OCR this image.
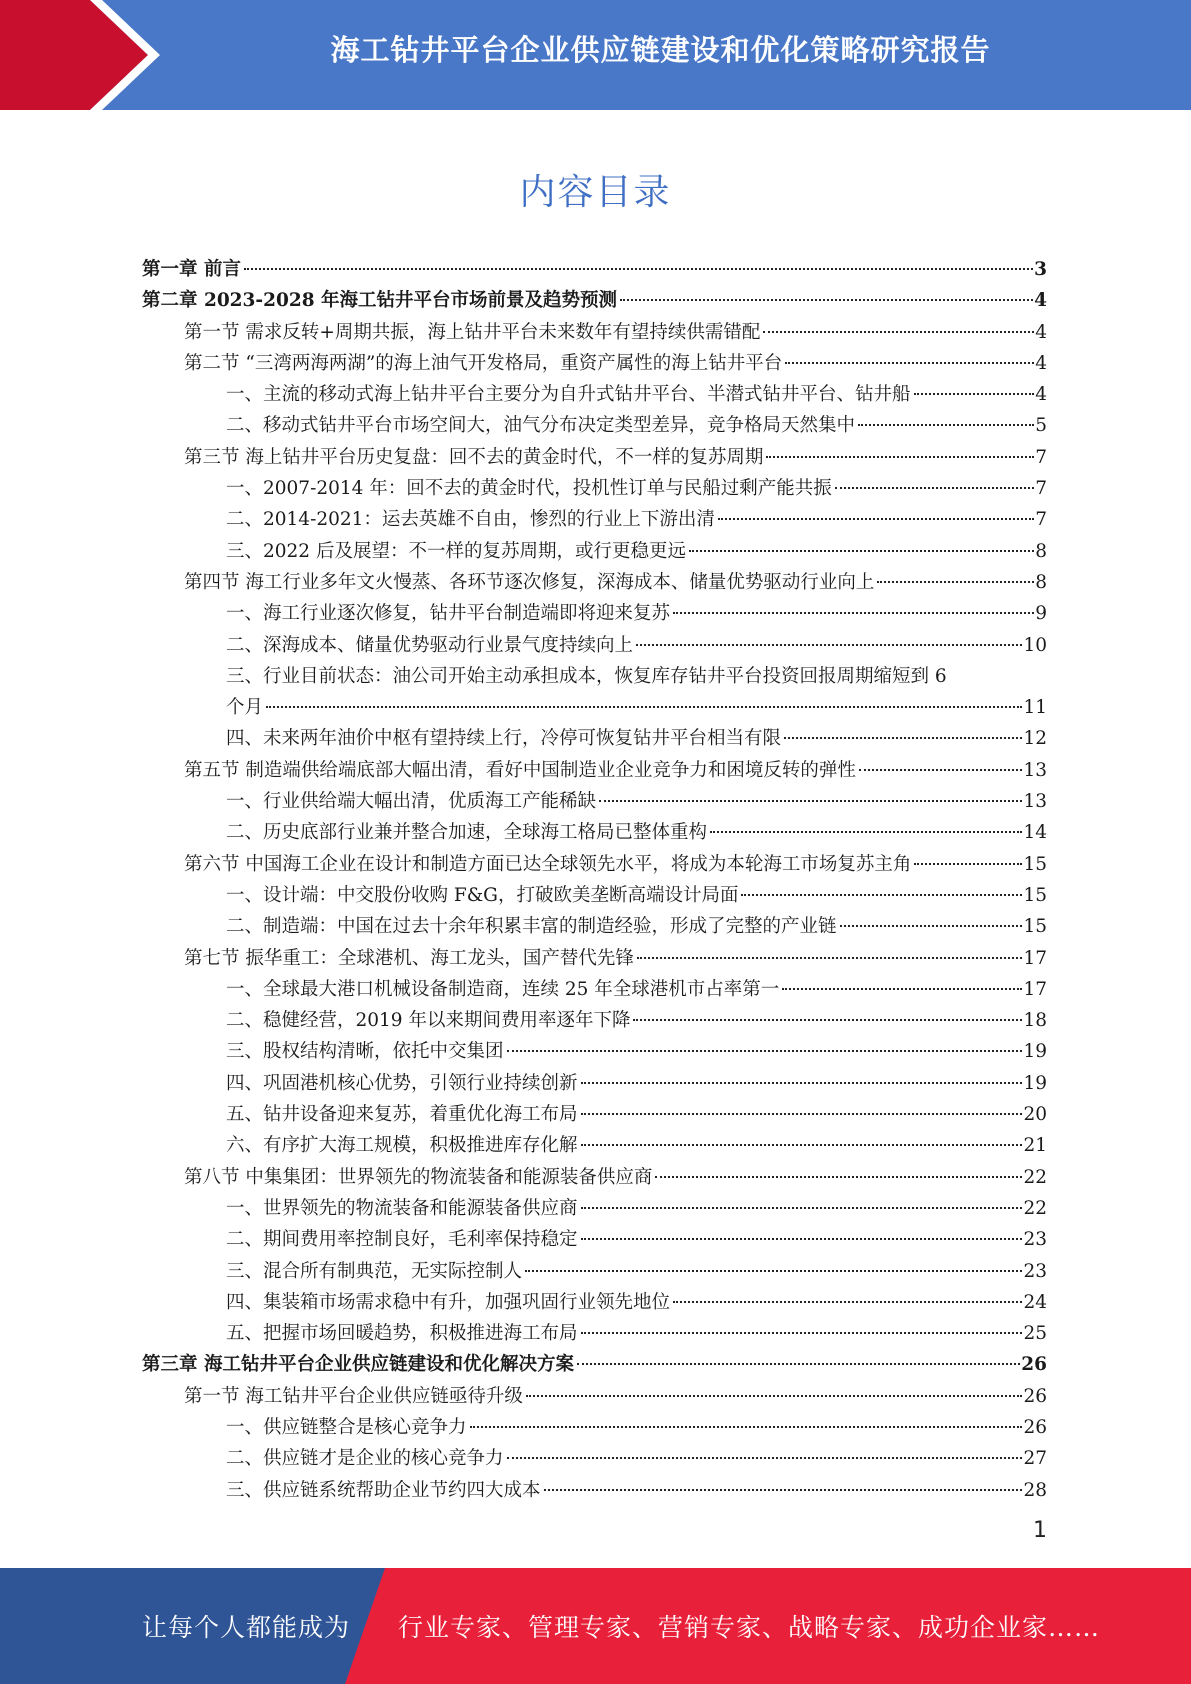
海工钻井平台企业供应链建设和优化策略研究报告
内容目录
第一章 前言	3
第二章 2023-2028 年海工钻井平台市场前景及趋势预测	4
第一节 需求反转+周期共振，海上钻井平台未来数年有望持续供需错配	4
第二节 “三湾两海两湖”的海上油气开发格局，重资产属性的海上钻井平台	4
一、主流的移动式海上钻井平台主要分为自升式钻井平台、半潜式钻井平台、钻井船	4
二、移动式钻井平台市场空间大，油气分布决定类型差异，竞争格局天然集中	5
第三节 海上钻井平台历史复盘：回不去的黄金时代，不一样的复苏周期	7
一、2007-2014 年：回不去的黄金时代，投机性订单与民船过剩产能共振	7
二、2014-2021：运去英雄不自由，惨烈的行业上下游出清	7
三、2022 后及展望：不一样的复苏周期，或行更稳更远	8
第四节 海工行业多年文火慢蒸、各环节逐次修复，深海成本、储量优势驱动行业向上	8
一、海工行业逐次修复，钻井平台制造端即将迎来复苏	9
二、深海成本、储量优势驱动行业景气度持续向上	10
三、行业目前状态：油公司开始主动承担成本，恢复库存钻井平台投资回报周期缩短到 6
个月	11
四、未来两年油价中枢有望持续上行，冷停可恢复钻井平台相当有限	12
第五节 制造端供给端底部大幅出清，看好中国制造业企业竞争力和困境反转的弹性	13
一、行业供给端大幅出清，优质海工产能稀缺	13
二、历史底部行业兼并整合加速，全球海工格局已整体重构	14
第六节 中国海工企业在设计和制造方面已达全球领先水平，将成为本轮海工市场复苏主角	15
一、设计端：中交股份收购 F&G，打破欧美垄断高端设计局面	15
二、制造端：中国在过去十余年积累丰富的制造经验，形成了完整的产业链	15
第七节 振华重工：全球港机、海工龙头，国产替代先锋	17
一、全球最大港口机械设备制造商，连续 25 年全球港机市占率第一	17
二、稳健经营，2019 年以来期间费用率逐年下降	18
三、股权结构清晰，依托中交集团	19
四、巩固港机核心优势，引领行业持续创新	19
五、钻井设备迎来复苏，着重优化海工布局	20
六、有序扩大海工规模，积极推进库存化解	21
第八节 中集集团：世界领先的物流装备和能源装备供应商	22
一、世界领先的物流装备和能源装备供应商	22
二、期间费用率控制良好，毛利率保持稳定	23
三、混合所有制典范，无实际控制人	23
四、集装箱市场需求稳中有升，加强巩固行业领先地位	24
五、把握市场回暖趋势，积极推进海工布局	25
第三章 海工钻井平台企业供应链建设和优化解决方案	26
第一节 海工钻井平台企业供应链亟待升级	26
一、供应链整合是核心竞争力	26
二、供应链才是企业的核心竞争力	27
三、供应链系统帮助企业节约四大成本	28
1
让每个人都能成为 行业专家、管理专家、营销专家、战略专家、成功企业家……
